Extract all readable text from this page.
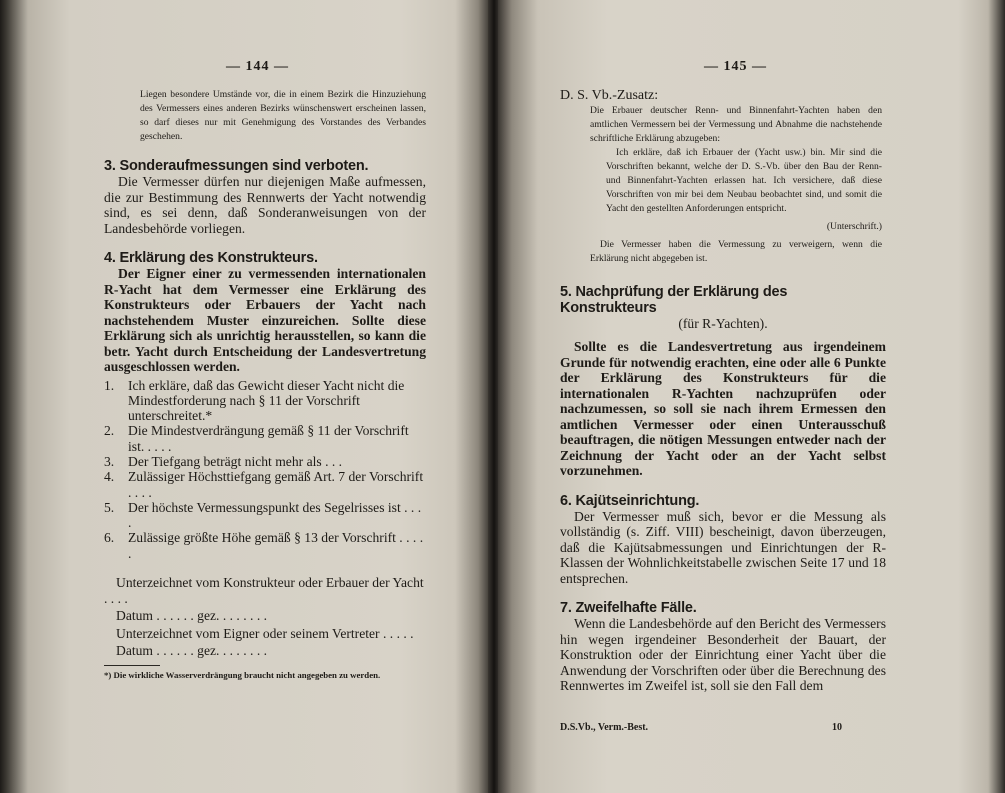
— 144 —
Liegen besondere Umstände vor, die in einem Bezirk die Hinzuziehung des Vermessers eines anderen Bezirks wünschenswert erscheinen lassen, so darf dieses nur mit Genehmigung des Vorstandes des Verbandes geschehen.

3. Sonderaufmessungen sind verboten.

Die Vermesser dürfen nur diejenigen Maße aufmessen, die zur Bestimmung des Rennwerts der Yacht notwendig sind, es sei denn, daß Sonderanweisungen von der Landesbehörde vorliegen.

4. Erklärung des Konstrukteurs.

Der Eigner einer zu vermessenden internationalen R-Yacht hat dem Vermesser eine Erklärung des Konstrukteurs oder Erbauers der Yacht nach nachstehendem Muster einzureichen. Sollte diese Erklärung sich als unrichtig herausstellen, so kann die betr. Yacht durch Entscheidung der Landesvertretung ausgeschlossen werden.

1. Ich erkläre, daß das Gewicht dieser Yacht nicht die Mindestforderung nach § 11 der Vorschrift unterschreitet.*
2. Die Mindestverdrängung gemäß § 11 der Vorschrift ist. . . . .
3. Der Tiefgang beträgt nicht mehr als . . .
4. Zulässiger Höchsttiefgang gemäß Art. 7 der Vorschrift . . . .
5. Der höchste Vermessungspunkt des Segelrisses ist . . . .
6. Zulässige größte Höhe gemäß § 13 der Vorschrift . . . . .
Unterzeichnet vom Konstrukteur oder Erbauer der Yacht . . . .
Datum . . . . . . gez. . . . . . . .
Unterzeichnet vom Eigner oder seinem Vertreter . . . . .
Datum . . . . . . gez. . . . . . . .
*) Die wirkliche Wasserverdrängung braucht nicht angegeben zu werden.
— 145 —
D. S. Vb.-Zusatz:
Die Erbauer deutscher Renn- und Binnenfahrt-Yachten haben den amtlichen Vermessern bei der Vermessung und Abnahme die nachstehende schriftliche Erklärung abzugeben:
Ich erkläre, daß ich Erbauer der (Yacht usw.) bin. Mir sind die Vorschriften bekannt, welche der D. S.-Vb. über den Bau der Renn- und Binnenfahrt-Yachten erlassen hat. Ich versichere, daß diese Vorschriften von mir bei dem Neubau beobachtet sind, und somit die Yacht den gestellten Anforderungen entspricht.
(Unterschrift.)
Die Vermesser haben die Vermessung zu verweigern, wenn die Erklärung nicht abgegeben ist.

5. Nachprüfung der Erklärung des Konstrukteurs

(für R-Yachten).

Sollte es die Landesvertretung aus irgendeinem Grunde für notwendig erachten, eine oder alle 6 Punkte der Erklärung des Konstrukteurs für die internationalen R-Yachten nachzuprüfen oder nachzumessen, so soll sie nach ihrem Ermessen den amtlichen Vermesser oder einen Unterausschuß beauftragen, die nötigen Messungen entweder nach der Zeichnung der Yacht oder an der Yacht selbst vorzunehmen.

6. Kajütseinrichtung.

Der Vermesser muß sich, bevor er die Messung als vollständig (s. Ziff. VIII) bescheinigt, davon überzeugen, daß die Kajütsabmessungen und Einrichtungen der R-Klassen der Wohnlichkeitstabelle zwischen Seite 17 und 18 entsprechen.

7. Zweifelhafte Fälle.

Wenn die Landesbehörde auf den Bericht des Vermessers hin wegen irgendeiner Besonderheit der Bauart, der Konstruktion oder der Einrichtung einer Yacht über die Anwendung der Vorschriften oder über die Berechnung des Rennwertes im Zweifel ist, soll sie den Fall dem

D.S.Vb., Verm.-Best.	10
